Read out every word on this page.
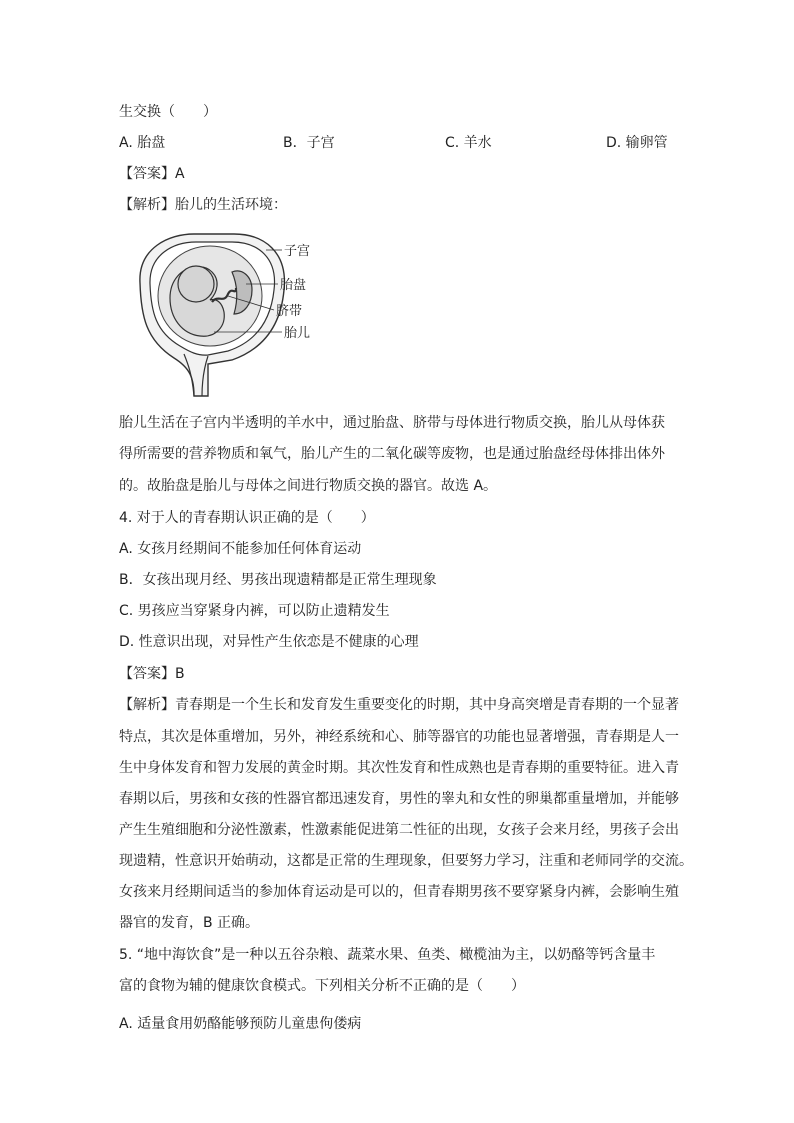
生交换（　　）
A. 胎盘	B．子宫	C. 羊水	D. 输卵管
【答案】A
【解析】胎儿的生活环境：
子宫
胎盘
脐带
胎儿
胎儿生活在子宫内半透明的羊水中，通过胎盘、脐带与母体进行物质交换，胎儿从母体获
得所需要的营养物质和氧气，胎儿产生的二氧化碳等废物，也是通过胎盘经母体排出体外
的。故胎盘是胎儿与母体之间进行物质交换的器官。故选 A。
4. 对于人的青春期认识正确的是（　　）
A. 女孩月经期间不能参加任何体育运动
B．女孩出现月经、男孩出现遗精都是正常生理现象
C. 男孩应当穿紧身内裤，可以防止遗精发生
D. 性意识出现，对异性产生依恋是不健康的心理
【答案】B
【解析】青春期是一个生长和发育发生重要变化的时期，其中身高突增是青春期的一个显著
特点，其次是体重增加，另外，神经系统和心、肺等器官的功能也显著增强，青春期是人一
生中身体发育和智力发展的黄金时期。其次性发育和性成熟也是青春期的重要特征。进入青
春期以后，男孩和女孩的性器官都迅速发育，男性的睾丸和女性的卵巢都重量增加，并能够
产生生殖细胞和分泌性激素，性激素能促进第二性征的出现，女孩子会来月经，男孩子会出
现遗精，性意识开始萌动，这都是正常的生理现象，但要努力学习，注重和老师同学的交流。
女孩来月经期间适当的参加体育运动是可以的，但青春期男孩不要穿紧身内裤，会影响生殖
器官的发育，B 正确。
5. “地中海饮食”是一种以五谷杂粮、蔬菜水果、鱼类、橄榄油为主，以奶酪等钙含量丰
富的食物为辅的健康饮食模式。下列相关分析不正确的是（　　）
A. 适量食用奶酪能够预防儿童患佝偻病
